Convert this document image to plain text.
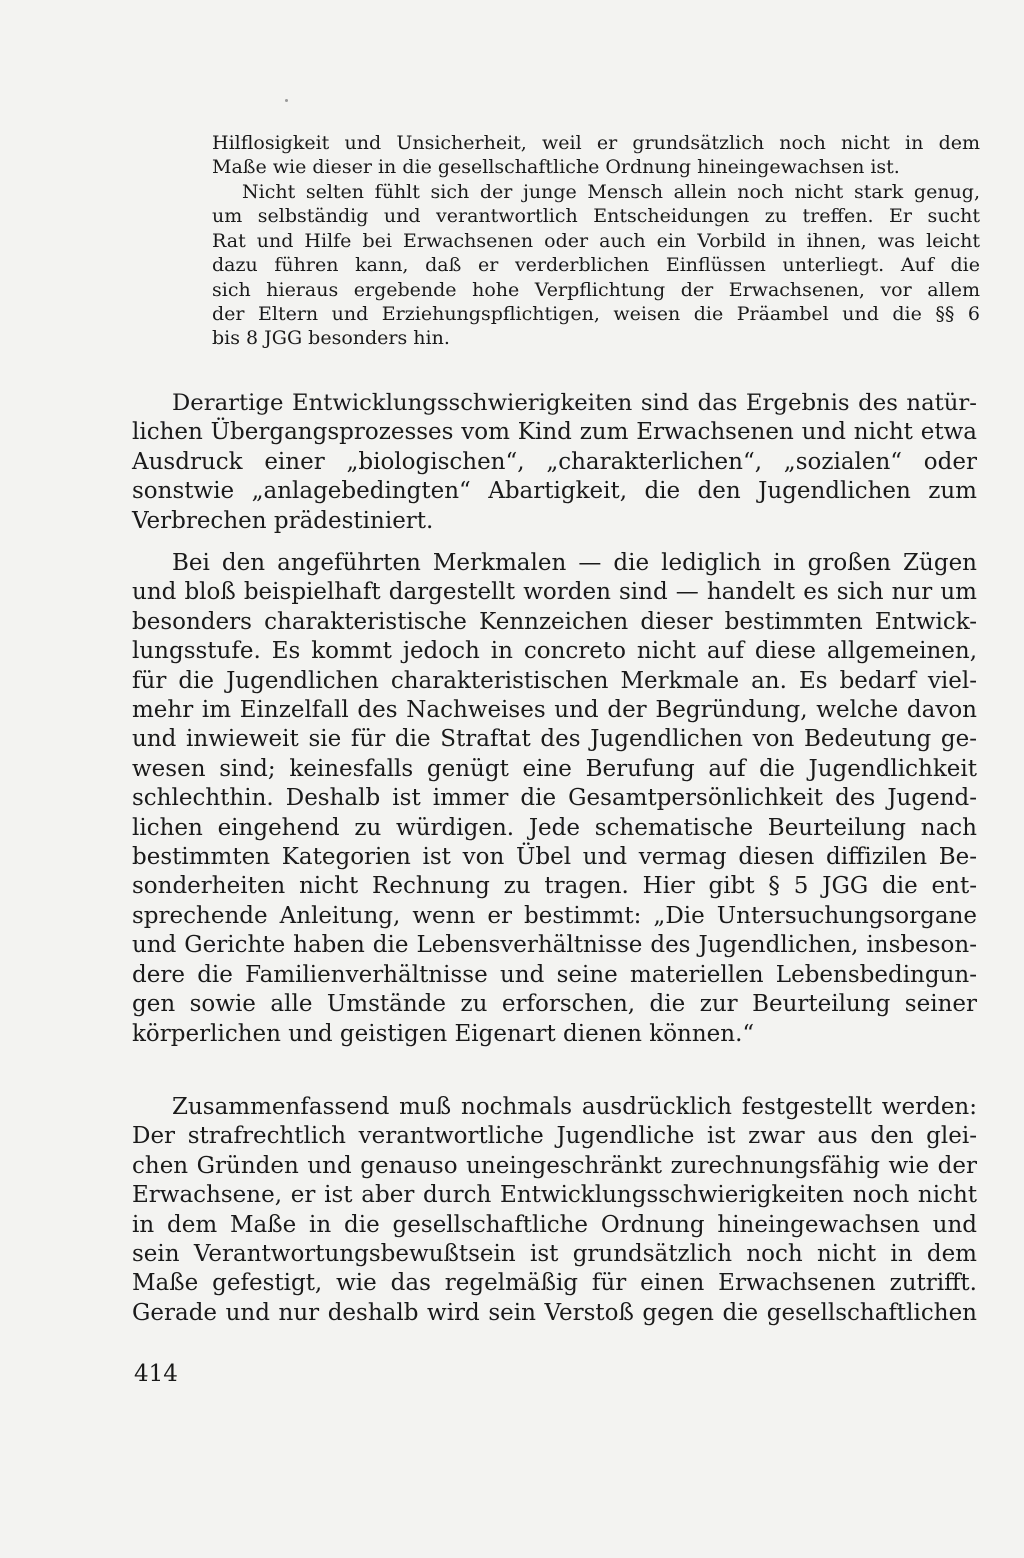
Hilflosigkeit und Unsicherheit, weil er grundsätzlich noch nicht in dem
Maße wie dieser in die gesellschaftliche Ordnung hineingewachsen ist.
Nicht selten fühlt sich der junge Mensch allein noch nicht stark genug,
um selbständig und verantwortlich Entscheidungen zu treffen. Er sucht
Rat und Hilfe bei Erwachsenen oder auch ein Vorbild in ihnen, was leicht
dazu führen kann, daß er verderblichen Einflüssen unterliegt. Auf die
sich hieraus ergebende hohe Verpflichtung der Erwachsenen, vor allem
der Eltern und Erziehungspflichtigen, weisen die Präambel und die §§ 6
bis 8 JGG besonders hin.
Derartige Entwicklungsschwierigkeiten sind das Ergebnis des natür-
lichen Übergangsprozesses vom Kind zum Erwachsenen und nicht etwa
Ausdruck einer „biologischen“, „charakterlichen“, „sozialen“ oder
sonstwie „anlagebedingten“ Abartigkeit, die den Jugendlichen zum
Verbrechen prädestiniert.
Bei den angeführten Merkmalen — die lediglich in großen Zügen
und bloß beispielhaft dargestellt worden sind — handelt es sich nur um
besonders charakteristische Kennzeichen dieser bestimmten Entwick-
lungsstufe. Es kommt jedoch in concreto nicht auf diese allgemeinen,
für die Jugendlichen charakteristischen Merkmale an. Es bedarf viel-
mehr im Einzelfall des Nachweises und der Begründung, welche davon
und inwieweit sie für die Straftat des Jugendlichen von Bedeutung ge-
wesen sind; keinesfalls genügt eine Berufung auf die Jugendlichkeit
schlechthin. Deshalb ist immer die Gesamtpersönlichkeit des Jugend-
lichen eingehend zu würdigen. Jede schematische Beurteilung nach
bestimmten Kategorien ist von Übel und vermag diesen diffizilen Be-
sonderheiten nicht Rechnung zu tragen. Hier gibt § 5 JGG die ent-
sprechende Anleitung, wenn er bestimmt: „Die Untersuchungsorgane
und Gerichte haben die Lebensverhältnisse des Jugendlichen, insbeson-
dere die Familienverhältnisse und seine materiellen Lebensbedingun-
gen sowie alle Umstände zu erforschen, die zur Beurteilung seiner
körperlichen und geistigen Eigenart dienen können.“
Zusammenfassend muß nochmals ausdrücklich festgestellt werden:
Der strafrechtlich verantwortliche Jugendliche ist zwar aus den glei-
chen Gründen und genauso uneingeschränkt zurechnungsfähig wie der
Erwachsene, er ist aber durch Entwicklungsschwierigkeiten noch nicht
in dem Maße in die gesellschaftliche Ordnung hineingewachsen und
sein Verantwortungsbewußtsein ist grundsätzlich noch nicht in dem
Maße gefestigt, wie das regelmäßig für einen Erwachsenen zutrifft.
Gerade und nur deshalb wird sein Verstoß gegen die gesellschaftlichen
414
